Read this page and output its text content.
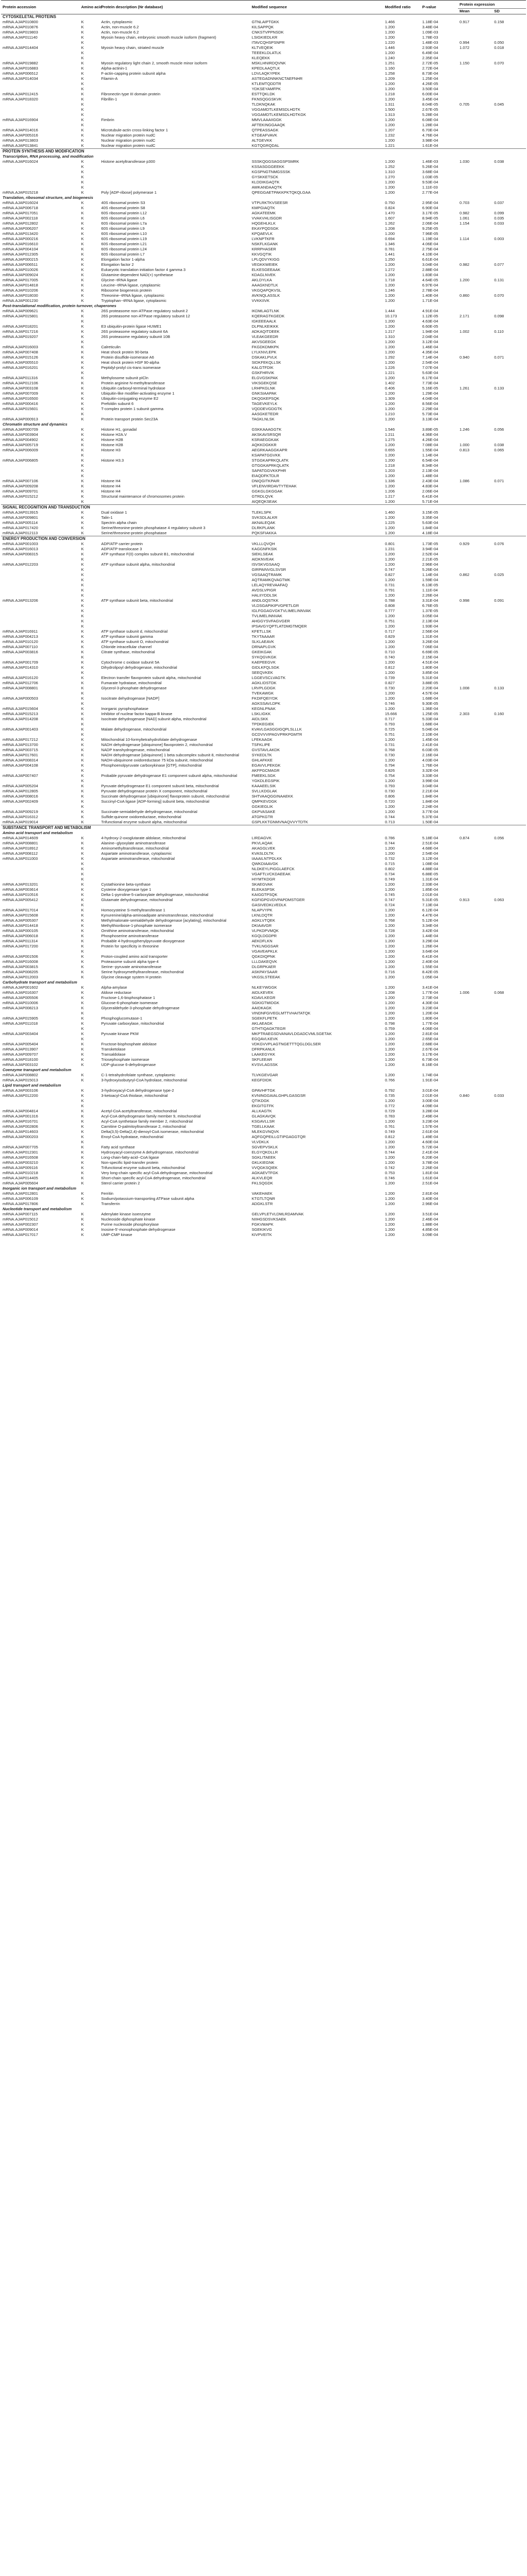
Protein accession	Amino acid	Protein description (Nr database)	Modified sequence	Modified ratio	P-value	Protein expression	
						Mean	SD
CYTOSKELETAL PROTEINS							
mRNA.AJAP010800	K	Actin, cytoplasmic	GTNLAIPTGKK	1.466	1.18E-04	0.917	0.158
mRNA.AJAP010876	K	Actin, non-muscle 6.2	KILSAPPQK	1.200	3.48E-04		
mRNA.AJAP019803	K	Actin, non-muscle 6.2	CNKSTVPPNSDK	1.200	1.09E-03		
mRNA.AJAP011140	K	Myosin heavy chain, embryonic smooth muscle isoform (fragment)	LSIGKIEDLKR	1.200	1.78E-03		
	K		ITAVCQHSPSNPR	1.220	1.48E-03	0.994	0.050
mRNA.AJAP014404	K	Myosin heavy chain, striated muscle	KLTVEQEIK	1.446	2.93E-04	1.072	0.018
	K		TEEEKLDLATLK	1.200	6.49E-04		
	K		KLEQEKK	1.240	2.35E-04		
mRNA.AJAP019882	K	Myosin regulatory light chain 2, smooth muscle minor isoform	MSKLHNIRDQVNK	1.251	2.72E-05	1.150	0.070
mRNA.AJAP016883	K	Alpha-actinin-1	KPEDLAAQTLK	1.160	2.72E-04		
mRNA.AJAP006512	K	F-actin-capping protein subunit alpha	LDVLAQKYPEK	1.258	8.73E-04		
mRNA.AJAP014034	K	Filamin-A	ASTEGADNNKNCTAEFNHR	1.209	1.25E-04		
	K		KTLEMTQDDTR	1.200	4.26E-05		
	K		YDKSEYAMFPK	1.200	3.50E-04		
mRNA.AJAP012415	K	Fibronectin type III domain protein	ESTTQKLDK	1.218	6.00E-04		
mRNA.AJAP018320	K	Fibrillin-1	FKNSQGGSKVK	1.200	3.45E-04		
	K		TLDKNQKAK	1.311	8.04E-05	0.705	0.045
	K		VGGAMDTLKEMSDLHDTK	1.500	2.67E-05		
	K		VGGAMDTLKEMSDLHDTKGK	1.313	5.28E-04		
mRNA.AJAP016904	K	Fimbrin	MMVLAAAIIGGK	1.200	6.08E-04		
	K		AFTEKINGGAAQK	1.200	1.28E-04		
mRNA.AJAP014016	K	Microtubule-actin cross-linking factor 1	QTPEASSAGK	1.207	6.70E-04		
mRNA.AJAP005316	K	Nuclear migration protein nudC	KTGEAFVAVK	1.232	4.76E-04		
mRNA.AJAP013803	K	Nuclear migration protein nudC	ALTGEVKK	1.200	3.98E-04		
mRNA.AJAP013841	K	Nuclear migration protein nudC	KGTQGRQDAL	1.221	1.61E-04		
PROTEIN SYNTHESIS AND MODIFICATION							
Transcription, RNA processing, and modification							
mRNA.AJAP016024	K	Histone acetyltransferase p300	SSSKQGGSAGGSPSMRK	1.200	1.46E-03	1.030	0.038
	K		KSSASGGGEEKK	1.252	5.26E-04		
	K		KGSPNGTNMGSSSK	1.310	3.68E-04		
	K		GYSKKETSCK	1.270	1.03E-05		
	K		KLDDIKGAQTK	1.200	9.53E-04		
	K		AWKANDAAQTK	1.200	1.11E-03		
mRNA.AJAP015218	K	Poly [ADP-ribose] polymerase 1	QPEGGAETPAKKPKTQKQLGAA	1.200	2.77E-04		
Translation, ribosomal structure, and biogenesis							
mRNA.AJAP016024	K	40S ribosomal protein S3	VTPLRKTKVSEESR	0.750	2.95E-04	0.703	0.037
mRNA.AJAP006718	K	40S ribosomal protein S8	KMPGIAQTK	0.824	6.90E-04		
mRNA.AJAP017051	K	60S ribosomal protein L12	AGKATEEMK	1.470	3.17E-05	0.982	0.099
mRNA.AJAP002118	K	60S ribosomal protein L6	VVAKVHLISGDR	1.607	8.94E-05	1.061	0.035
mRNA.AJAP012802	K	60S ribosomal protein L7a	HQGEHLKLK	1.262	2.06E-04	1.154	0.033
mRNA.AJAP006207	K	60S ribosomal protein L9	EKAYPQDSGK	1.208	9.25E-05		
mRNA.AJAP013420	K	60S ribosomal protein L10	KPQAEVLK	1.200	7.96E-05		
mRNA.AJAP000216	K	60S ribosomal protein L19	LVKNPTKFR	0.694	1.19E-04	1.114	0.003
mRNA.AJAP016610	K	60S ribosomal protein L21	NSKFLKGANK	1.346	4.06E-04		
mRNA.AJAP004104	K	60S ribosomal protein L24	KRRPHASER	0.781	2.75E-04		
mRNA.AJAP012305	K	60S ribosomal protein L7	KKVGQTIK	1.441	4.10E-04		
mRNA.AJAP000215	K	Elongation factor 1-alpha	LPLQDVYKIGG	1.250	6.61E-04		
mRNA.AJAP006511	K	Elongation factor 2	VEGKKWEIEK	1.200	3.04E-04	0.982	0.077
mRNA.AJAP010026	K	Eukaryotic translation initiation factor 4 gamma 3	ELKESGEEAAK	1.272	2.88E-04		
mRNA.AJAP009024	K	Glutamine-dependent NAD(+) synthetase	KDAGLNVEK	1.200	1.83E-04		
mRNA.AJAP017005	K	Glycine--tRNA ligase	AKLDYLKA	1.718	4.64E-05	1.200	0.131
mRNA.AJAP014818	K	Leucine--tRNA ligase, cytoplasmic	AAAGKNDTLK	1.200	6.97E-04		
mRNA.AJAP010206	K	Ribosome biogenesis protein	VKGQAPQKVSL	1.246	2.78E-04		
mRNA.AJAP018030	K	Threonine--tRNA ligase, cytoplasmic	AVKNQLASSLK	1.200	1.40E-04	0.860	0.070
mRNA.AJAP001230	K	Tryptophan--tRNA ligase, cytoplasmic	VVKKIIVK	1.200	1.71E-04		
Post-translational modification, protein turnover, chaperones							
mRNA.AJAP009621	K	26S proteasome non-ATPase regulatory subunit 2	IKDMLAGTLNK	1.444	4.91E-04		
mRNA.AJAP015801	K	26S proteasome non-ATPase regulatory subunit 12	KQERAGTKGEDK	10.173	1.12E-05	2.171	0.098
	K		IGKEEEAALK	1.200	4.63E-04		
mRNA.AJAP018201	K	E3 ubiquitin-protein ligase HUWE1	DLPNLKEIKKK	1.200	6.60E-05		
mRNA.AJAP017216	K	26S proteasome regulatory subunit 6A	ADKAQITDEEK	1.217	1.94E-04	1.002	0.110
mRNA.AJAP019207	K	26S proteasome regulatory subunit 10B	VLEAKGEEDR	1.310	2.04E-04		
	K		AKVSGEEGK	1.200	3.12E-04		
mRNA.AJAP016003	K	Calreticulin	FKGDKDMKPK	1.200	1.46E-04		
mRNA.AJAP007408	K	Heat shock protein 90-beta	LYLKNVLEPK	1.200	4.35E-04		
mRNA.AJAP015126	K	Protein disulfide-isomerase A6	DSKAKLPVLK	1.292	7.14E-04	0.940	0.071
mRNA.AJAP005510	K	Heat shock protein HSP 90-alpha	SIDKFEKQLLSK	1.200	2.54E-04		
mRNA.AJAP016201	K	Peptidyl-prolyl cis-trans isomerase	KALGTFDIK	1.226	7.07E-04		
	K		GSKFHRVIK	1.221	5.63E-04		
mRNA.AJAP011316	K	Methylosome subunit pICln	ELGVGSKPAK	1.200	6.17E-04		
mRNA.AJAP012106	K	Protein arginine N-methyltransferase	VIKSGEKQSE	1.402	7.73E-04		
mRNA.AJAP003108	K	Ubiquitin carboxyl-terminal hydrolase	LRHPKGLNK	0.406	5.16E-05	1.261	0.133
mRNA.AJAP007009	K	Ubiquitin-like modifier-activating enzyme 1	GNKSIAAPAK	1.200	1.29E-04		
mRNA.AJAP016500	K	Ubiquitin-conjugating enzyme E2	DKQGKEPSQK	1.309	4.04E-04		
mRNA.AJAP000416	K	Prefoldin subunit 6	TAGEVKEYLK	1.200	8.56E-04		
mRNA.AJAP015601	K	T-complex protein 1 subunit gamma	VQDDEVGDGTK	1.200	2.29E-04		
	K		AASGKETEDR	1.210	5.73E-04		
mRNA.AJAP000913	K	Protein transport protein Sec23A	TAGKLNLSK	1.200	3.13E-04		
Chromatin structure and dynamics							
mRNA.AJAP000709	K	Histone H1, gonadal	GSKKAAAGGTK	1.546	3.89E-05	1.246	0.056
mRNA.AJAP003904	K	Histone H2A.V	AKSKAVSRSQR	1.211	4.36E-04		
mRNA.AJAP004902	K	Histone H2B	KSRAEGGKAK	1.275	4.26E-04		
mRNA.AJAP005719	K	Histone H2B	AQKKDGKKR	1.200	7.08E-04	1.000	0.038
mRNA.AJAP006009	K	Histone H3	AEGRKAAGGKAPR	0.655	1.55E-04	0.813	0.065
	K		KSAPATGGVKK	1.200	1.14E-04		
mRNA.AJAP006805	K	Histone H3.3	STGGKAPRKQLATK	1.200	6.54E-04		
	K		GTGGKAPRKQLATK	1.218	8.34E-04		
	K		SAPATGGVKKPHR	1.203	2.13E-04		
	K		EIAQDFKTDLR	1.200	1.48E-04		
mRNA.AJAP007106	K	Histone H4	DNIQGITKPAIR	1.336	2.43E-04	1.086	0.071
mRNA.AJAP009208	K	Histone H4	VFLENVIRDAVTYTEHAK	1.200	4.83E-04		
mRNA.AJAP009701	K	Histone H4	GGKGLGKGGAK	1.206	2.06E-04		
mRNA.AJAP015212	K	Structural maintenance of chromosomes protein	GTRDLQVK	1.217	6.41E-04		
	K		AIQEQKSEAK	1.200	5.71E-04		
SIGNAL RECOGNITION AND TRANSDUCTION							
mRNA.AJAP013915	K	Dual oxidase 1	TLEKLSPK	1.460	3.15E-05		
mRNA.AJAP009801	K	Talin-1	SVKSDLALKR	1.200	3.35E-04		
mRNA.AJAP005114	K	Spectrin alpha chain	AKNALEQAK	1.225	5.63E-04		
mRNA.AJAP017420	K	Serine/threonine-protein phosphatase 4 regulatory subunit 3	DLRKPLANK	1.200	1.84E-04		
mRNA.AJAP012113	K	Serine/threonine-protein phosphatase	PQKSFIAKKA	1.200	4.18E-04		
ENERGY PRODUCTION AND CONVERSION							
mRNA.AJAP001003	K	ADP/ATP carrier protein	VKLLLQVQH	0.801	1.73E-05	0.929	0.076
mRNA.AJAP016013	K	ADP/ATP translocase 3	KAGGNFKSIK	1.231	3.94E-04		
mRNA.AJAP008315	K	ATP synthase F(0) complex subunit B1, mitochondrial	SIEKLSEAK	1.200	2.52E-04		
	K		AIDKNVEAK	1.200	2.21E-05		
mRNA.AJAP012203	K	ATP synthase subunit alpha, mitochondrial	ISVSKVGSAAQ	1.200	2.96E-04		
	K		GIRPAINVGLSVSR	0.747	5.26E-04		
	K		VGSAAQTRAMK	0.827	1.14E-04	0.862	0.025
	K		AQTRAMKQVAGTMK	1.200	1.59E-04		
	K		LELAQYREVAAFAQ	0.731	6.13E-05		
	K		AVDSLVPIGR	0.791	1.11E-04		
	K		HALIIYDDLSK	1.200	2.26E-04		
mRNA.AJAP013206	K	ATP synthase subunit beta, mitochondrial	ANDLGQSTKK	0.788	3.31E-04	0.998	0.091
	K		VLDSGAPIKIPVGPETLGR	0.808	6.76E-05		
	K		IGLFGGAGVGKTVLIMELINNVAK	0.777	1.37E-05		
	K		TVLIMELINNVAK	1.200	3.05E-04		
	K		AHGGYSVFAGVGER	0.751	2.13E-04		
	K		IPSAVGYQPTLATDMGTMQER	1.200	1.93E-04		
mRNA.AJAP016911	K	ATP synthase subunit d, mitochondrial	KFETLLSK	0.717	2.56E-04		
mRNA.AJAP004213	K	ATP synthase subunit gamma	TKYTAAAAR	0.829	1.31E-04		
mRNA.AJAP010120	K	ATP synthase subunit O, mitochondrial	SLKLAEAVK	1.200	3.26E-04		
mRNA.AJAP007110	K	Chloride intracellular channel	DRNAPLGVK	1.200	7.06E-04		
mRNA.AJAP003816	K	Citrate synthase, mitochondrial	GKEIKGAK	0.710	6.69E-05		
	K		SYKQGVKGK	0.740	2.15E-04		
mRNA.AJAP001709	K	Cytochrome c oxidase subunit 5A	KAEPEEGVK	1.200	4.51E-04		
mRNA.AJAP014310	K	Dihydrolipoyl dehydrogenase, mitochondrial	GIDLKFQLSGK	0.812	1.80E-04		
	K		SEEQVKEK	1.200	3.85E-04		
mRNA.AJAP016120	K	Electron transfer flavoprotein subunit alpha, mitochondrial	LGGEVSCLVAGTK	0.739	5.31E-04		
mRNA.AJAP012706	K	Fumarate hydratase, mitochondrial	AGKLIDSTDK	0.827	3.88E-05		
mRNA.AJAP008801	K	Glycerol-3-phosphate dehydrogenase	LRVPLGDGK	0.730	2.20E-04	1.008	0.133
	K		TVEKAWGK	1.200	4.57E-04		
mRNA.AJAP000503	K	Isocitrate dehydrogenase [NADP]	FKDIFQEIYDK	1.200	1.68E-04		
	K		AGKSSAVLDPK	0.746	9.30E-05		
mRNA.AJAP015604	K	Inorganic pyrophosphatase	KEGNLPNAK	1.200	1.36E-04		
mRNA.AJAP015213	K	Inhibitor of nuclear factor kappa-B kinase	LSKLIGKK	15.666	1.25E-05	2.303	0.160
mRNA.AJAP014208	K	Isocitrate dehydrogenase [NAD] subunit alpha, mitochondrial	AIDLSKK	0.717	5.33E-04		
	K		TPDKEGIEK	0.793	1.68E-04		
mRNA.AJAP001403	K	Malate dehydrogenase, mitochondrial	KVAVLGASGGIGQPLSLLLK	0.725	5.04E-04		
	K		GCDVVVIPAGVPRKPGMTR	0.751	2.10E-04		
mRNA.AJAP017212	K	Mitochondrial 10-formyltetrahydrofolate dehydrogenase	LFEKAAGK	1.200	1.45E-04		
mRNA.AJAP013700	K	NADH dehydrogenase [ubiquinone] flavoprotein 2, mitochondrial	TSFKLIPE	0.731	2.41E-04		
mRNA.AJAP003715	K	NADP transhydrogenase, mitochondrial	GVSTAVLAKDK	0.768	6.03E-05		
mRNA.AJAP017601	K	NADH dehydrogenase [ubiquinone] 1 beta subcomplex subunit 8, mitochondrial	SYKEDLTK	0.730	2.16E-04		
mRNA.AJAP008314	K	NADH-ubiquinone oxidoreductase 75 kDa subunit, mitochondrial	GHLAFKKE	1.200	4.03E-04		
mRNA.AJAP004108	K	Phosphoenolpyruvate carboxykinase [GTP], mitochondrial	EGAVVLPEKGK	0.794	1.76E-04		
	K		AKFPGCMAGR	0.826	3.32E-04		
mRNA.AJAP007407	K	Probable pyruvate dehydrogenase E1 component subunit alpha, mitochondrial	FMEEKLSGK	0.754	3.33E-04		
	K		YGKDLEGSPIK	1.200	3.99E-04		
mRNA.AJAP005204	K	Pyruvate dehydrogenase E1 component subunit beta, mitochondrial	KAAAEELSIK	0.793	3.04E-04		
mRNA.AJAP012805	K	Pyruvate dehydrogenase protein X component, mitochondrial	SVLLKDGLAK	0.730	2.21E-04		
mRNA.AJAP008016	K	Succinate dehydrogenase [ubiquinone] flavoprotein subunit, mitochondrial	SHTVAAQGGINAAEKK	0.806	1.84E-04		
mRNA.AJAP002409	K	Succinyl-CoA ligase [ADP-forming] subunit beta, mitochondrial	QMPKEVDGK	0.720	1.84E-04		
	K		GGKIEGLIK	1.200	2.24E-04		
mRNA.AJAP009219	K	Succinate-semialdehyde dehydrogenase, mitochondrial	GKPVASAKE	1.200	3.77E-04		
mRNA.AJAP016312	K	Sulfide:quinone oxidoreductase, mitochondrial	ATGPKGTR	0.744	5.37E-04		
mRNA.AJAP019014	K	Trifunctional enzyme subunit alpha, mitochondrial	GSPLKKTGNMVNAQVVYTDTK	0.713	1.50E-04		
SUBSTANCE TRANSPORT AND METABOLISM							
Amino acid transport and metabolism							
mRNA.AJAP014609	K	4-hydroxy-2-oxoglutarate aldolase, mitochondrial	LIRDAGVK	0.786	5.18E-04	0.874	0.056
mRNA.AJAP008801	K	Alanine--glyoxylate aminotransferase	PKVLAQAK	0.744	2.51E-04		
mRNA.AJAP018912	K	Aminomethyltransferase, mitochondrial	AKAGGLVEK	1.200	4.68E-04		
mRNA.AJAP008112	K	Aspartate aminotransferase, cytoplasmic	KVASLDLTK	1.200	2.54E-04		
mRNA.AJAP011003	K	Aspartate aminotransferase, mitochondrial	IAAAILNTPDLKK	0.732	3.12E-04		
	K		QWKDIAAVGK	0.715	1.08E-04		
	K		NLDKEYLPIGGLAEFCK	0.802	4.88E-04		
	K		VGAFTLVCKDAEEAK	0.734	6.88E-05		
	K		HIYMTKDGR	0.749	1.31E-04		
mRNA.AJAP013201	K	Cystathionine beta-synthase	SKAEGVAK	1.200	2.33E-04		
mRNA.AJAP003614	K	Cysteine dioxygenase type 1	ELEKASPSK	1.200	1.85E-04		
mRNA.AJAP010516	K	Delta-1-pyrroline-5-carboxylate dehydrogenase, mitochondrial	KAIGGTPSQK	0.745	2.01E-04		
mRNA.AJAP005412	K	Glutamate dehydrogenase, mitochondrial	KGFIGPGVDVPAPDMSTGER	0.747	5.31E-05	0.913	0.063
	K		GASIVEDKLVEDLK	0.724	7.13E-04		
mRNA.AJAP017014	K	Homocysteine S-methyltransferase 1	NLAPVYPK	1.200	6.12E-04		
mRNA.AJAP015608	K	Kynurenine/alpha-aminoadipate aminotransferase, mitochondrial	LKNLDQTR	1.200	4.47E-04		
mRNA.AJAP005307	K	Methylmalonate-semialdehyde dehydrogenase [acylating], mitochondrial	AGKLVTQEK	0.768	5.12E-04		
mRNA.AJAP014418	K	Methylthioribose-1-phosphate isomerase	DKIAAVGR	1.200	3.34E-04		
mRNA.AJAP000105	K	Ornithine aminotransferase, mitochondrial	VLPKDPVMQK	0.728	3.42E-04		
mRNA.AJAP006018	K	Phosphoserine aminotransferase	KGQLDGDPR	1.200	1.44E-04		
mRNA.AJAP011314	K	Probable 4-hydroxyphenylpyruvate dioxygenase	AEKDFLKN	1.200	3.29E-04		
mRNA.AJAP017200	K	Protein for specificity in threonine	TVKLNGGSAR	1.200	1.26E-04		
	K		VGAVEAPKLK	1.200	3.64E-04		
mRNA.AJAP001506	K	Proton-coupled amino acid transporter	QGKDIQPNK	1.200	6.41E-04		
mRNA.AJAP016008	K	Proteasome subunit alpha type-4	LLLDAKEQVK	1.200	2.40E-04		
mRNA.AJAP003815	K	Serine--pyruvate aminotransferase	DLGRPKAER	1.200	1.55E-04		
mRNA.AJAP008205	K	Serine hydroxymethyltransferase, mitochondrial	ASKPAYSAAR	0.716	8.42E-05		
mRNA.AJAP012003	K	Glycine cleavage system H protein	VKGSLSTEEAK	1.200	1.05E-04		
Carbohydrate transport and metabolism							
mRNA.AJAP001602	K	Alpha-amylase	NLKEYWGGK	1.200	3.41E-04		
mRNA.AJAP016307	K	Aldose reductase	AIDLKEVEK	1.208	1.77E-04	1.006	0.068
mRNA.AJAP005506	K	Fructose-1,6-bisphosphatase 1	KDAVLKEGR	1.200	2.73E-04		
mRNA.AJAP010006	K	Glucose-6-phosphate isomerase	SGKIGTMIDGK	1.200	4.30E-04		
mRNA.AJAP008213	K	Glyceraldehyde-3-phosphate dehydrogenase	AAIDKAGK	1.200	3.23E-04		
	K		VINDNFGIVEGLMTTVHAITATQK	1.200	1.20E-04		
mRNA.AJAP015905	K	Phosphoglucomutase-1	SGEKFLPETK	1.200	1.80E-04		
mRNA.AJAP011018	K	Pyruvate carboxylase, mitochondrial	AKLAEAGK	0.798	1.77E-04		
	K		GTHTIQAGKTEGR	0.759	4.06E-04		
mRNA.AJAP003404	K	Pyruvate kinase PKM	MKPTRAEGSDVANAVLDGADCVMLSGETAK	1.200	2.81E-04		
	K		EGQAVLKEVK	1.200	2.65E-04		
mRNA.AJAP005404	K	Fructose-bisphosphate aldolase	VDKGVVPLAGTNGETTTQGLDGLSER	1.200	2.68E-04		
mRNA.AJAP013907	K	Transketolase	DFRPKANLK	1.200	2.67E-04		
mRNA.AJAP009707	K	Transaldolase	LAAKEGYKK	1.200	3.17E-04		
mRNA.AJAP018100	K	Triosephosphate isomerase	SKFLEEAR	1.200	6.73E-04		
mRNA.AJAP003102	K	UDP-glucose 6-dehydrogenase	KVSVLAGSSK	1.200	8.16E-04		
Coenzyme transport and metabolism							
mRNA.AJAP008802	K	C-1-tetrahydrofolate synthase, cytoplasmic	TLVKGEVGAR	1.200	1.74E-04		
mRNA.AJAP015013	K	3-hydroxyisobutyryl-CoA hydrolase, mitochondrial	KEGFDIDK	0.766	1.91E-04		
Lipid transport and metabolism							
mRNA.AJAP003106	K	3-hydroxyacyl-CoA dehydrogenase type-2	GPAVHFTGK	0.792	3.01E-04		
mRNA.AJAP012200	K	3-ketoacyl-CoA thiolase, mitochondrial	KVNINGGAIALGHPLGASGSR	0.735	2.01E-04	0.840	0.033
	K		QTIKDGK	1.200	3.00E-04		
	K		EKGITGTFK	0.772	4.09E-04		
mRNA.AJAP004814	K	Acetyl-CoA acetyltransferase, mitochondrial	ALLKAGTK	0.729	3.28E-04		
mRNA.AJAP001316	K	Acyl-CoA dehydrogenase family member 9, mitochondrial	GLAGKAVQK	0.783	2.49E-04		
mRNA.AJAP016701	K	Acyl-CoA synthetase family member 2, mitochondrial	KSGAVLLSR	1.200	3.23E-04		
mRNA.AJAP002806	K	Carnitine O-palmitoyltransferase 2, mitochondrial	TGELLKAAK	0.761	1.57E-04		
mRNA.AJAP014603	K	Delta(3,5)-Delta(2,4)-dienoyl-CoA isomerase, mitochondrial	MLEKGVNQVK	0.749	2.61E-04		
mRNA.AJAP000203	K	Enoyl-CoA hydratase, mitochondrial	AQFGQPEILLGTIPGAGGTQR	0.812	1.49E-04		
	K		VLVDKLK	1.200	4.60E-04		
mRNA.AJAP007705	K	Fatty acid synthase	SGVEPVSKLK	1.200	5.72E-04		
mRNA.AJAP012301	K	Hydroxyacyl-coenzyme A dehydrogenase, mitochondrial	ELGYQKDLLR	0.744	2.41E-04		
mRNA.AJAP016508	K	Long-chain-fatty-acid--CoA ligase	SGKLITAEEK	1.200	6.20E-04		
mRNA.AJAP003210	K	Non-specific lipid-transfer protein	GKLKIEGNK	1.200	3.78E-04		
mRNA.AJAP009116	K	Trifunctional enzyme subunit beta, mitochondrial	VVQGKSQIEK	0.742	2.26E-04		
mRNA.AJAP010218	K	Very long-chain specific acyl-CoA dehydrogenase, mitochondrial	AGKAEVTFGK	0.753	1.81E-04		
mRNA.AJAP014405	K	Short-chain specific acyl-CoA dehydrogenase, mitochondrial	ALKVLEQR	0.746	1.61E-04		
mRNA.AJAP005604	K	Sterol carrier protein 2	FKLSQGDK	1.200	2.51E-04		
Inorganic ion transport and metabolism							
mRNA.AJAP012801	K	Ferritin	VAKEHAEK	1.200	2.81E-04		
mRNA.AJAP006109	K	Sodium/potassium-transporting ATPase subunit alpha	KTGTLTQNR	1.200	3.40E-04		
mRNA.AJAP017806	K	Transferrin	ADGKLSTR	1.200	2.96E-04		
Nucleotide transport and metabolism							
mRNA.AJAP007115	K	Adenylate kinase isoenzyme	GELVPLETVLDMLRDAMVAK	1.200	3.51E-04		
mRNA.AJAP015012	K	Nucleoside diphosphate kinase	NIIHGSDSVKSAEK	1.200	2.46E-04		
mRNA.AJAP002307	K	Purine nucleoside phosphorylase	FGKVMAPK	1.200	1.88E-04		
mRNA.AJAP009014	K	Inosine-5'-monophosphate dehydrogenase	SGEKIKVG	1.200	4.85E-04		
mRNA.AJAP017017	K	UMP-CMP kinase	KIVPVEITK	1.200	3.09E-04		
